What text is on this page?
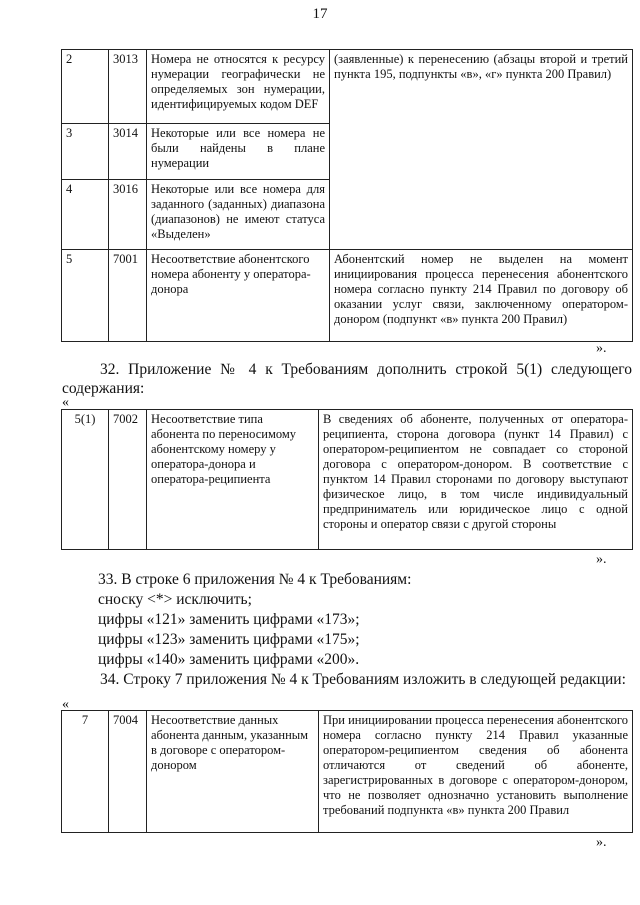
17
2	3013	Номера не относятся к ресурсу нумерации географически не определяемых зон нумерации, идентифицируемых кодом DEF	(заявленные) к перенесению (абзацы второй и третий пункта 195, подпункты «в», «г» пункта 200 Правил)
3	3014	Некоторые или все номера не были найдены в плане нумерации	
4	3016	Некоторые или все номера для заданного (заданных) диапазона (диапазонов) не имеют статуса «Выделен»	
5	7001	Несоответствие абонентского номера абоненту у оператора-донора	Абонентский номер не выделен на момент инициирования процесса перенесения абонентского номера согласно пункту 214 Правил по договору об оказании услуг связи, заключенному оператором-донором (подпункт «в» пункта 200 Правил)
».
32. Приложение № 4 к Требованиям дополнить строкой 5(1) следующего содержания:
«
5(1)	7002	Несоответствие типа абонента по переносимому абонентскому номеру у оператора-донора и оператора-реципиента	В сведениях об абоненте, полученных от оператора-реципиента, сторона договора (пункт 14 Правил) с оператором-реципиентом не совпадает со стороной договора с оператором-донором. В соответствие с пунктом 14 Правил сторонами по договору выступают физическое лицо, в том числе индивидуальный предприниматель или юридическое лицо с одной стороны и оператор связи с другой стороны
».
33. В строке 6 приложения № 4 к Требованиям:
сноску <*> исключить;
цифры «121» заменить цифрами «173»;
цифры «123» заменить цифрами «175»;
цифры «140» заменить цифрами «200».
34. Строку 7 приложения № 4 к Требованиям изложить в следующей редакции:
«
7	7004	Несоответствие данных абонента данным, указанным в договоре с оператором-донором	При инициировании процесса перенесения абонентского номера согласно пункту 214 Правил указанные оператором-реципиентом сведения об абонента отличаются от сведений об абоненте, зарегистрированных в договоре с оператором-донором, что не позволяет однозначно установить выполнение требований подпункта «в» пункта 200 Правил
».
